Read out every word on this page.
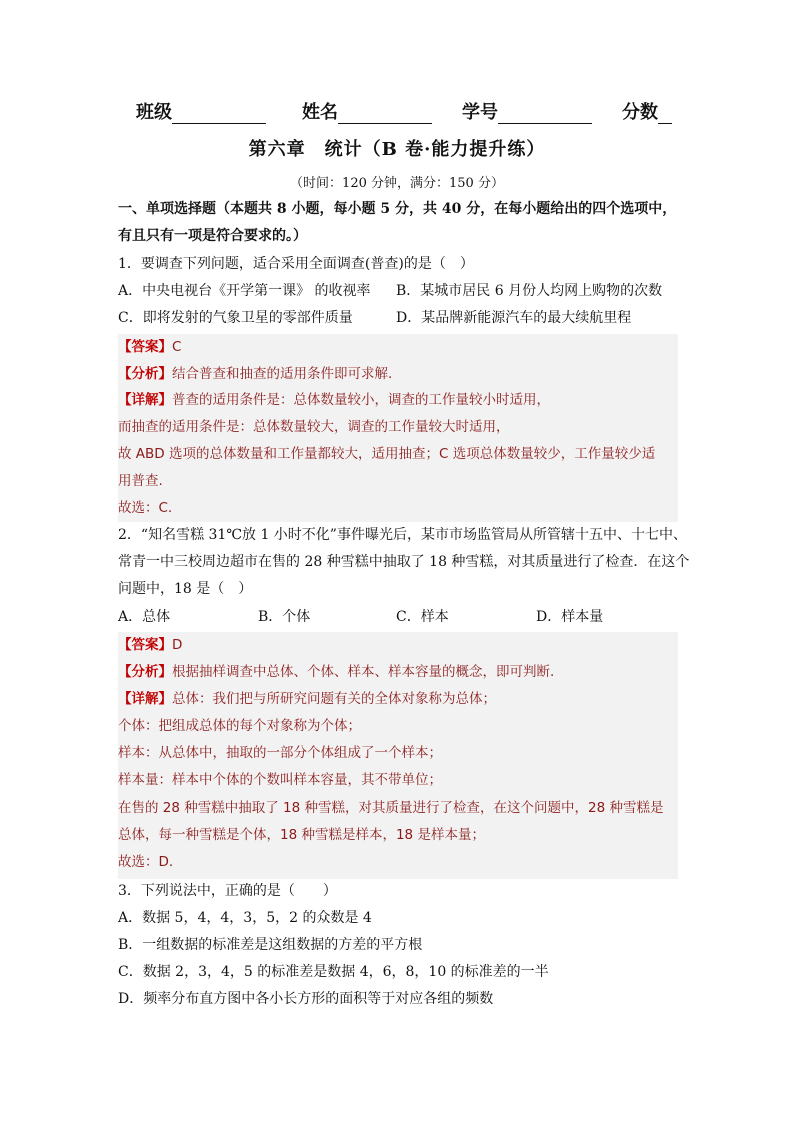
班级	姓名	学号	分数
第六章　统计（B 卷·能力提升练）
（时间：120 分钟，满分：150 分）
一、单项选择题（本题共 8 小题，每小题 5 分，共 40 分，在每小题给出的四个选项中，
有且只有一项是符合要求的。）
1．要调查下列问题，适合采用全面调查(普查)的是（　）
A．中央电视台《开学第一课》 的收视率 B．某城市居民 6 月份人均网上购物的次数
C．即将发射的气象卫星的零部件质量	D．某品牌新能源汽车的最大续航里程
【答案】C
【分析】结合普查和抽查的适用条件即可求解.
【详解】普查的适用条件是：总体数量较小，调查的工作量较小时适用，
而抽查的适用条件是：总体数量较大，调查的工作量较大时适用，
故 ABD 选项的总体数量和工作量都较大，适用抽查；C 选项总体数量较少，工作量较少适
用普查.
故选：C.
2．“知名雪糕 31℃放 1 小时不化”事件曝光后，某市市场监管局从所管辖十五中、十七中、
常青一中三校周边超市在售的 28 种雪糕中抽取了 18 种雪糕，对其质量进行了检查．在这个
问题中，18 是（　）
A．总体	B．个体	C．样本	D．样本量
【答案】D
【分析】根据抽样调查中总体、个体、样本、样本容量的概念，即可判断.
【详解】总体：我们把与所研究问题有关的全体对象称为总体；
个体：把组成总体的每个对象称为个体；
样本：从总体中，抽取的一部分个体组成了一个样本；
样本量：样本中个体的个数叫样本容量，其不带单位；
在售的 28 种雪糕中抽取了 18 种雪糕，对其质量进行了检查，在这个问题中，28 种雪糕是
总体，每一种雪糕是个体，18 种雪糕是样本，18 是样本量；
故选：D.
3．下列说法中，正确的是（　　）
A．数据 5，4，4，3，5，2 的众数是 4
B．一组数据的标准差是这组数据的方差的平方根
C．数据 2，3，4，5 的标准差是数据 4，6，8，10 的标准差的一半
D．频率分布直方图中各小长方形的面积等于对应各组的频数
